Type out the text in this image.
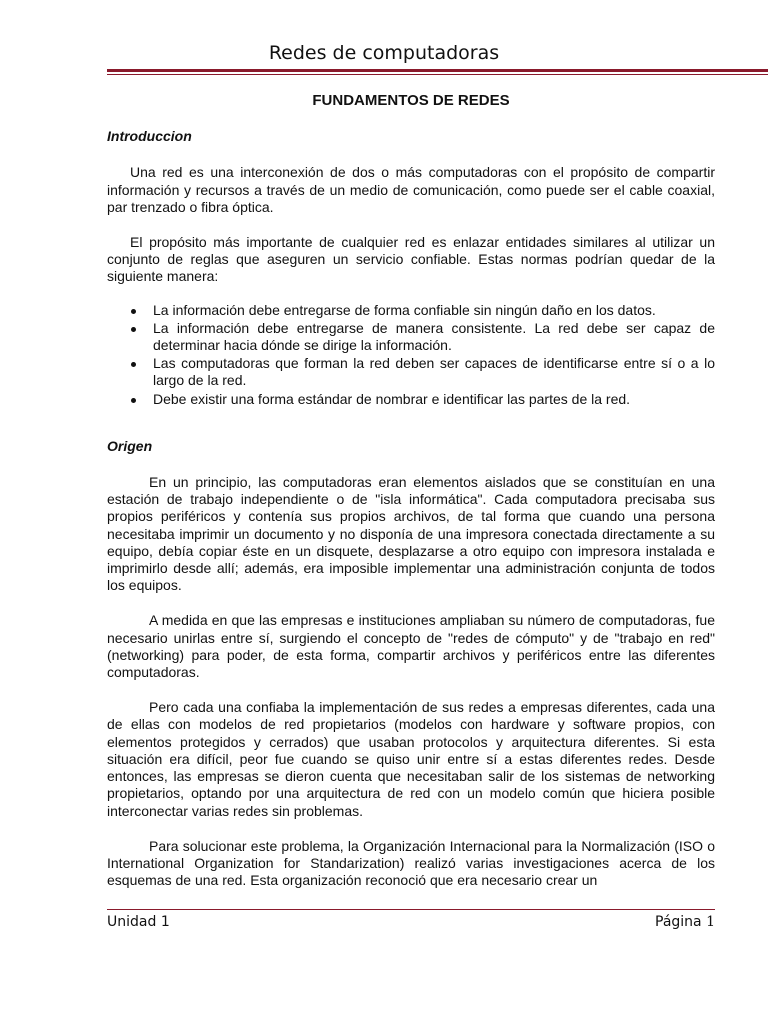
Redes de computadoras
FUNDAMENTOS DE REDES
Introduccion

Una red es una interconexión de dos o más computadoras con el propósito de compartir información y recursos a través de un medio de comunicación, como puede ser el cable coaxial, par trenzado o fibra óptica.

El propósito más importante de cualquier red es enlazar entidades similares al utilizar un conjunto de reglas que aseguren un servicio confiable. Estas normas podrían quedar de la siguiente manera:

La información debe entregarse de forma confiable sin ningún daño en los datos.
La información debe entregarse de manera consistente. La red debe ser capaz de determinar hacia dónde se dirige la información.
Las computadoras que forman la red deben ser capaces de identificarse entre sí o a lo largo de la red.
Debe existir una forma estándar de nombrar e identificar las partes de la red.
Origen

En un principio, las computadoras eran elementos aislados que se constituían en una estación de trabajo independiente o de "isla informática". Cada computadora precisaba sus propios periféricos y contenía sus propios archivos, de tal forma que cuando una persona necesitaba imprimir un documento y no disponía de una impresora conectada directamente a su equipo, debía copiar éste en un disquete, desplazarse a otro equipo con impresora instalada e imprimirlo desde allí; además, era imposible implementar una administración conjunta de todos los equipos.

A medida en que las empresas e instituciones ampliaban su número de computadoras, fue necesario unirlas entre sí, surgiendo el concepto de "redes de cómputo" y de "trabajo en red" (networking) para poder, de esta forma, compartir archivos y periféricos entre las diferentes computadoras.

Pero cada una confiaba la implementación de sus redes a empresas diferentes, cada una de ellas con modelos de red propietarios (modelos con hardware y software propios, con elementos protegidos y cerrados) que usaban protocolos y arquitectura diferentes. Si esta situación era difícil, peor fue cuando se quiso unir entre sí a estas diferentes redes. Desde entonces, las empresas se dieron cuenta que necesitaban salir de los sistemas de networking propietarios, optando por una arquitectura de red con un modelo común que hiciera posible interconectar varias redes sin problemas.

Para solucionar este problema, la Organización Internacional para la Normalización (ISO o International Organization for Standarization) realizó varias investigaciones acerca de los esquemas de una red. Esta organización reconoció que era necesario crear un

Unidad 1	Página 1
